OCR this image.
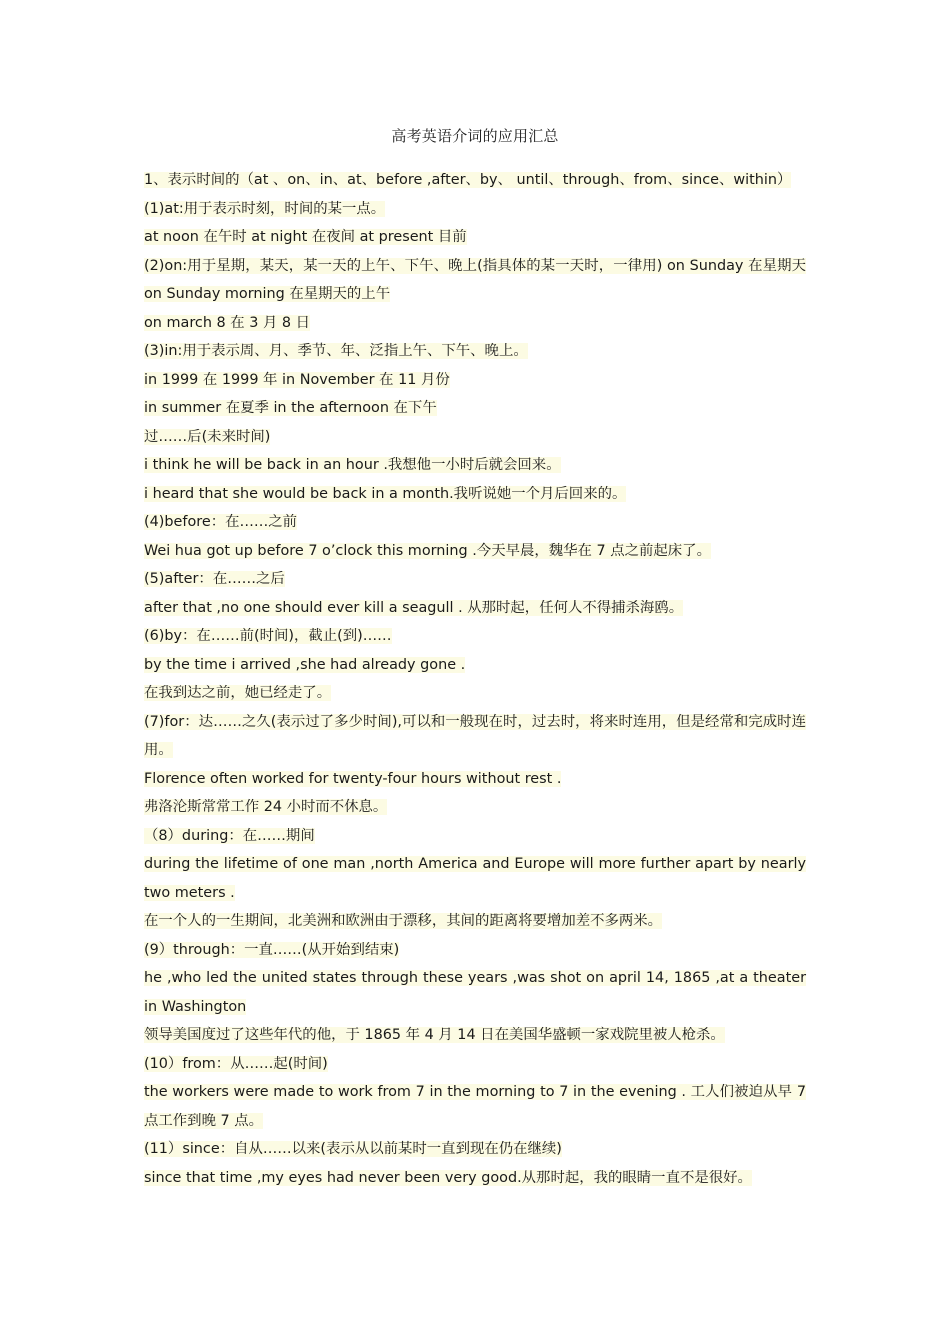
高考英语介词的应用汇总
1、表示时间的（at 、on、in、at、before ,after、by、 until、through、from、since、within）
(1)at:用于表示时刻，时间的某一点。
at noon 在午时 at night 在夜间 at present 目前
(2)on:用于星期，某天，某一天的上午、下午、晚上(指具体的某一天时，一律用) on Sunday 在星期天 on Sunday morning 在星期天的上午
on march 8 在 3 月 8 日
(3)in:用于表示周、月、季节、年、泛指上午、下午、晚上。
in 1999 在 1999 年 in November 在 11 月份
in summer 在夏季 in the afternoon 在下午
过……后(未来时间)
i think he will be back in an hour .我想他一小时后就会回来。
i heard that she would be back in a month.我听说她一个月后回来的。
(4)before：在……之前
Wei hua got up before 7 o’clock this morning .今天早晨，魏华在 7 点之前起床了。
(5)after：在……之后
after that ,no one should ever kill a seagull . 从那时起，任何人不得捕杀海鸥。
(6)by：在……前(时间)，截止(到)……
by the time i arrived ,she had already gone .
在我到达之前，她已经走了。
(7)for：达……之久(表示过了多少时间),可以和一般现在时，过去时，将来时连用，但是经常和完成时连用。
Florence often worked for twenty-four hours without rest .
弗洛沦斯常常工作 24 小时而不休息。
（8）during：在……期间
during the lifetime of one man ,north America and Europe will more further apart by nearly two meters .
在一个人的一生期间，北美洲和欧洲由于漂移，其间的距离将要增加差不多两米。
(9）through：一直……(从开始到结束)
he ,who led the united states through these years ,was shot on april 14, 1865 ,at a theater in Washington
领导美国度过了这些年代的他，于 1865 年 4 月 14 日在美国华盛顿一家戏院里被人枪杀。
(10）from：从……起(时间)
the workers were made to work from 7 in the morning to 7 in the evening . 工人们被迫从早 7 点工作到晚 7 点。
(11）since：自从……以来(表示从以前某时一直到现在仍在继续)
since that time ,my eyes had never been very good.从那时起，我的眼睛一直不是很好。
